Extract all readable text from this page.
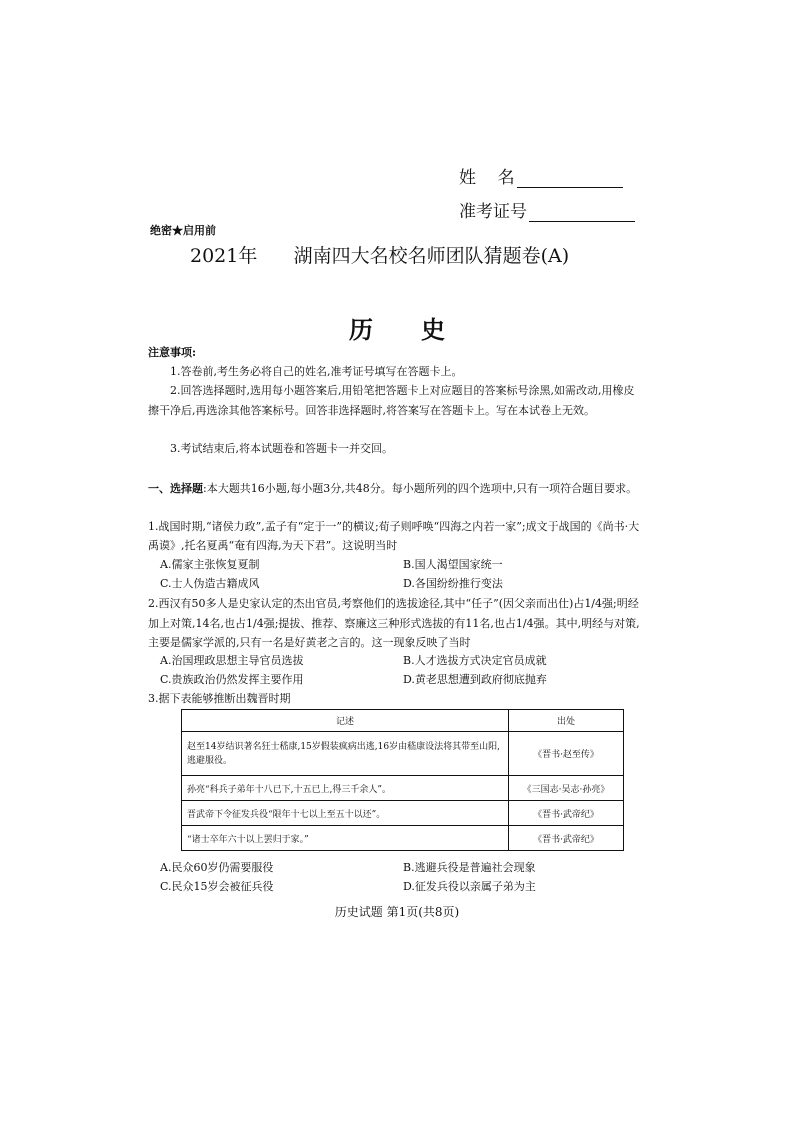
姓    名
准考证号
绝密★启用前
2021年      湖南四大名校名师团队猜题卷(A)
历 史
注意事项:
1.答卷前,考生务必将自己的姓名,准考证号填写在答题卡上。
2.回答选择题时,选用每小题答案后,用铅笔把答题卡上对应题目的答案标号涂黑,如需改动,用橡皮擦干净后,再选涂其他答案标号。回答非选择题时,将答案写在答题卡上。写在本试卷上无效。
3.考试结束后,将本试题卷和答题卡一并交回。
一、选择题:本大题共16小题,每小题3分,共48分。每小题所列的四个选项中,只有一项符合题目要求。
1.战国时期,“诸侯力政”,孟子有“定于一”的横议;荀子则呼唤“四海之内若一家”;成文于战国的《尚书·大禹谟》,托名夏禹“奄有四海,为天下君”。这说明当时
A.儒家主张恢复夏制	B.国人渴望国家统一
C.士人伪造古籍成风	D.各国纷纷推行变法
2.西汉有50多人是史家认定的杰出官员,考察他们的选拔途径,其中“任子”(因父亲而出仕)占1/4强;明经加上对策,14名,也占1/4强;提拔、推荐、察廉这三种形式选拔的有11名,也占1/4强。其中,明经与对策,主要是儒家学派的,只有一名是好黄老之言的。这一现象反映了当时
A.治国理政思想主导官员选拔	B.人才选拔方式决定官员成就
C.贵族政治仍然发挥主要作用	D.黄老思想遭到政府彻底抛弃
3.据下表能够推断出魏晋时期
记述	出处
赵至14岁结识著名狂士嵇康,15岁假装疯病出逃,16岁由嵇康设法将其带至山阳,逃避服役。	《晋书·赵至传》
孙亮“科兵子弟年十八已下,十五已上,得三千余人”。	《三国志·吴志·孙亮》
晋武帝下令征发兵役“限年十七以上至五十以还”。	《晋书·武帝纪》
“诸士卒年六十以上罢归于家。”	《晋书·武帝纪》
A.民众60岁仍需要服役	B.逃避兵役是普遍社会现象
C.民众15岁会被征兵役	D.征发兵役以亲属子弟为主
历史试题 第1页(共8页)
